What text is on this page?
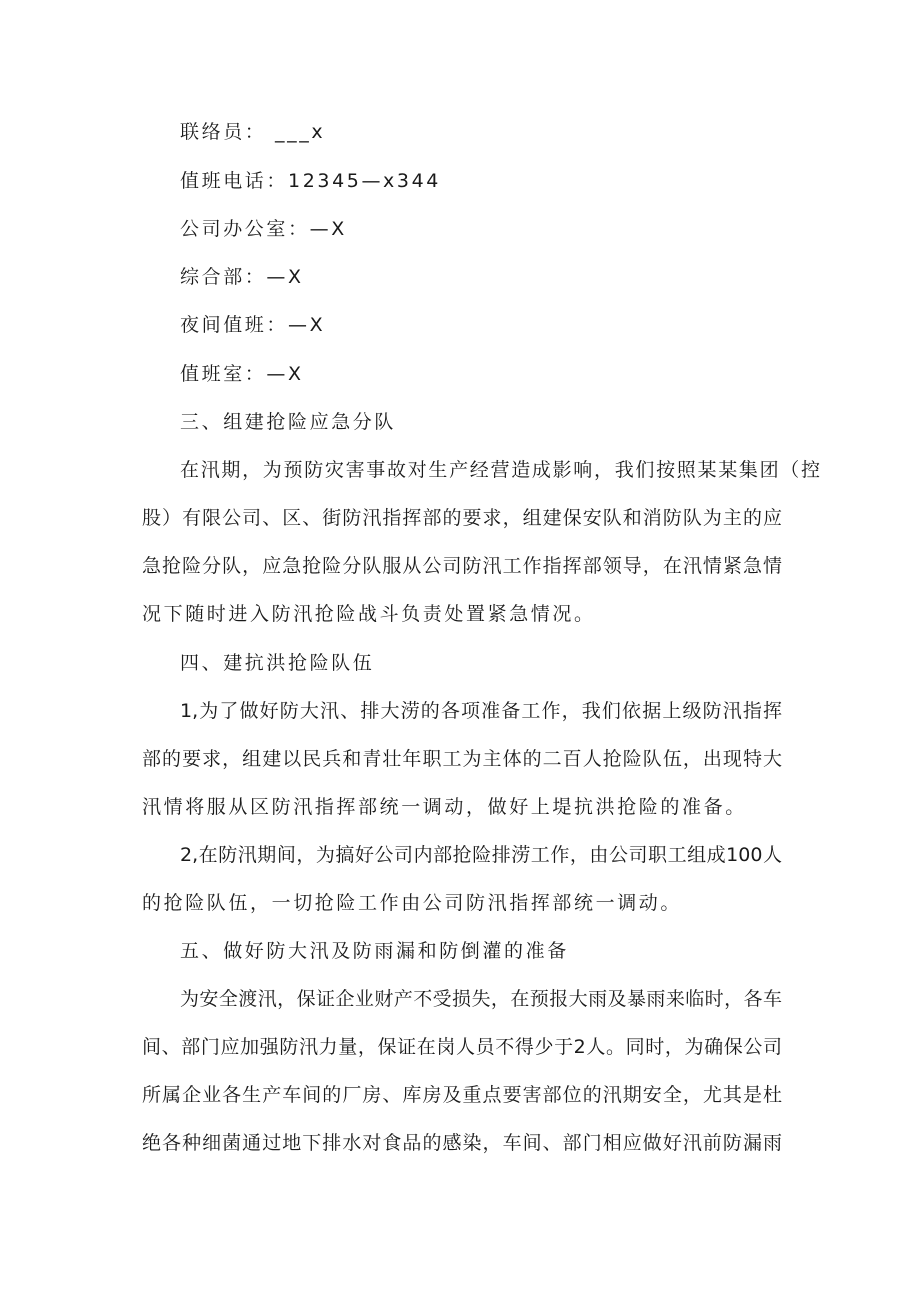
联络员： ___x
值班电话：12345—x344
公司办公室：—X
综合部：—X
夜间值班：—X
值班室：—X
三、组建抢险应急分队
在汛期，为预防灾害事故对生产经营造成影响，我们按照某某集团（控
股）有限公司、区、街防汛指挥部的要求，组建保安队和消防队为主的应
急抢险分队，应急抢险分队服从公司防汛工作指挥部领导，在汛情紧急情
况下随时进入防汛抢险战斗负责处置紧急情况。
四、建抗洪抢险队伍
1,为了做好防大汛、排大涝的各项准备工作，我们依据上级防汛指挥
部的要求，组建以民兵和青壮年职工为主体的二百人抢险队伍，出现特大
汛情将服从区防汛指挥部统一调动，做好上堤抗洪抢险的准备。
2,在防汛期间，为搞好公司内部抢险排涝工作，由公司职工组成100人
的抢险队伍，一切抢险工作由公司防汛指挥部统一调动。
五、做好防大汛及防雨漏和防倒灌的准备
为安全渡汛，保证企业财产不受损失，在预报大雨及暴雨来临时，各车
间、部门应加强防汛力量，保证在岗人员不得少于2人。同时，为确保公司
所属企业各生产车间的厂房、库房及重点要害部位的汛期安全，尤其是杜
绝各种细菌通过地下排水对食品的感染，车间、部门相应做好汛前防漏雨
